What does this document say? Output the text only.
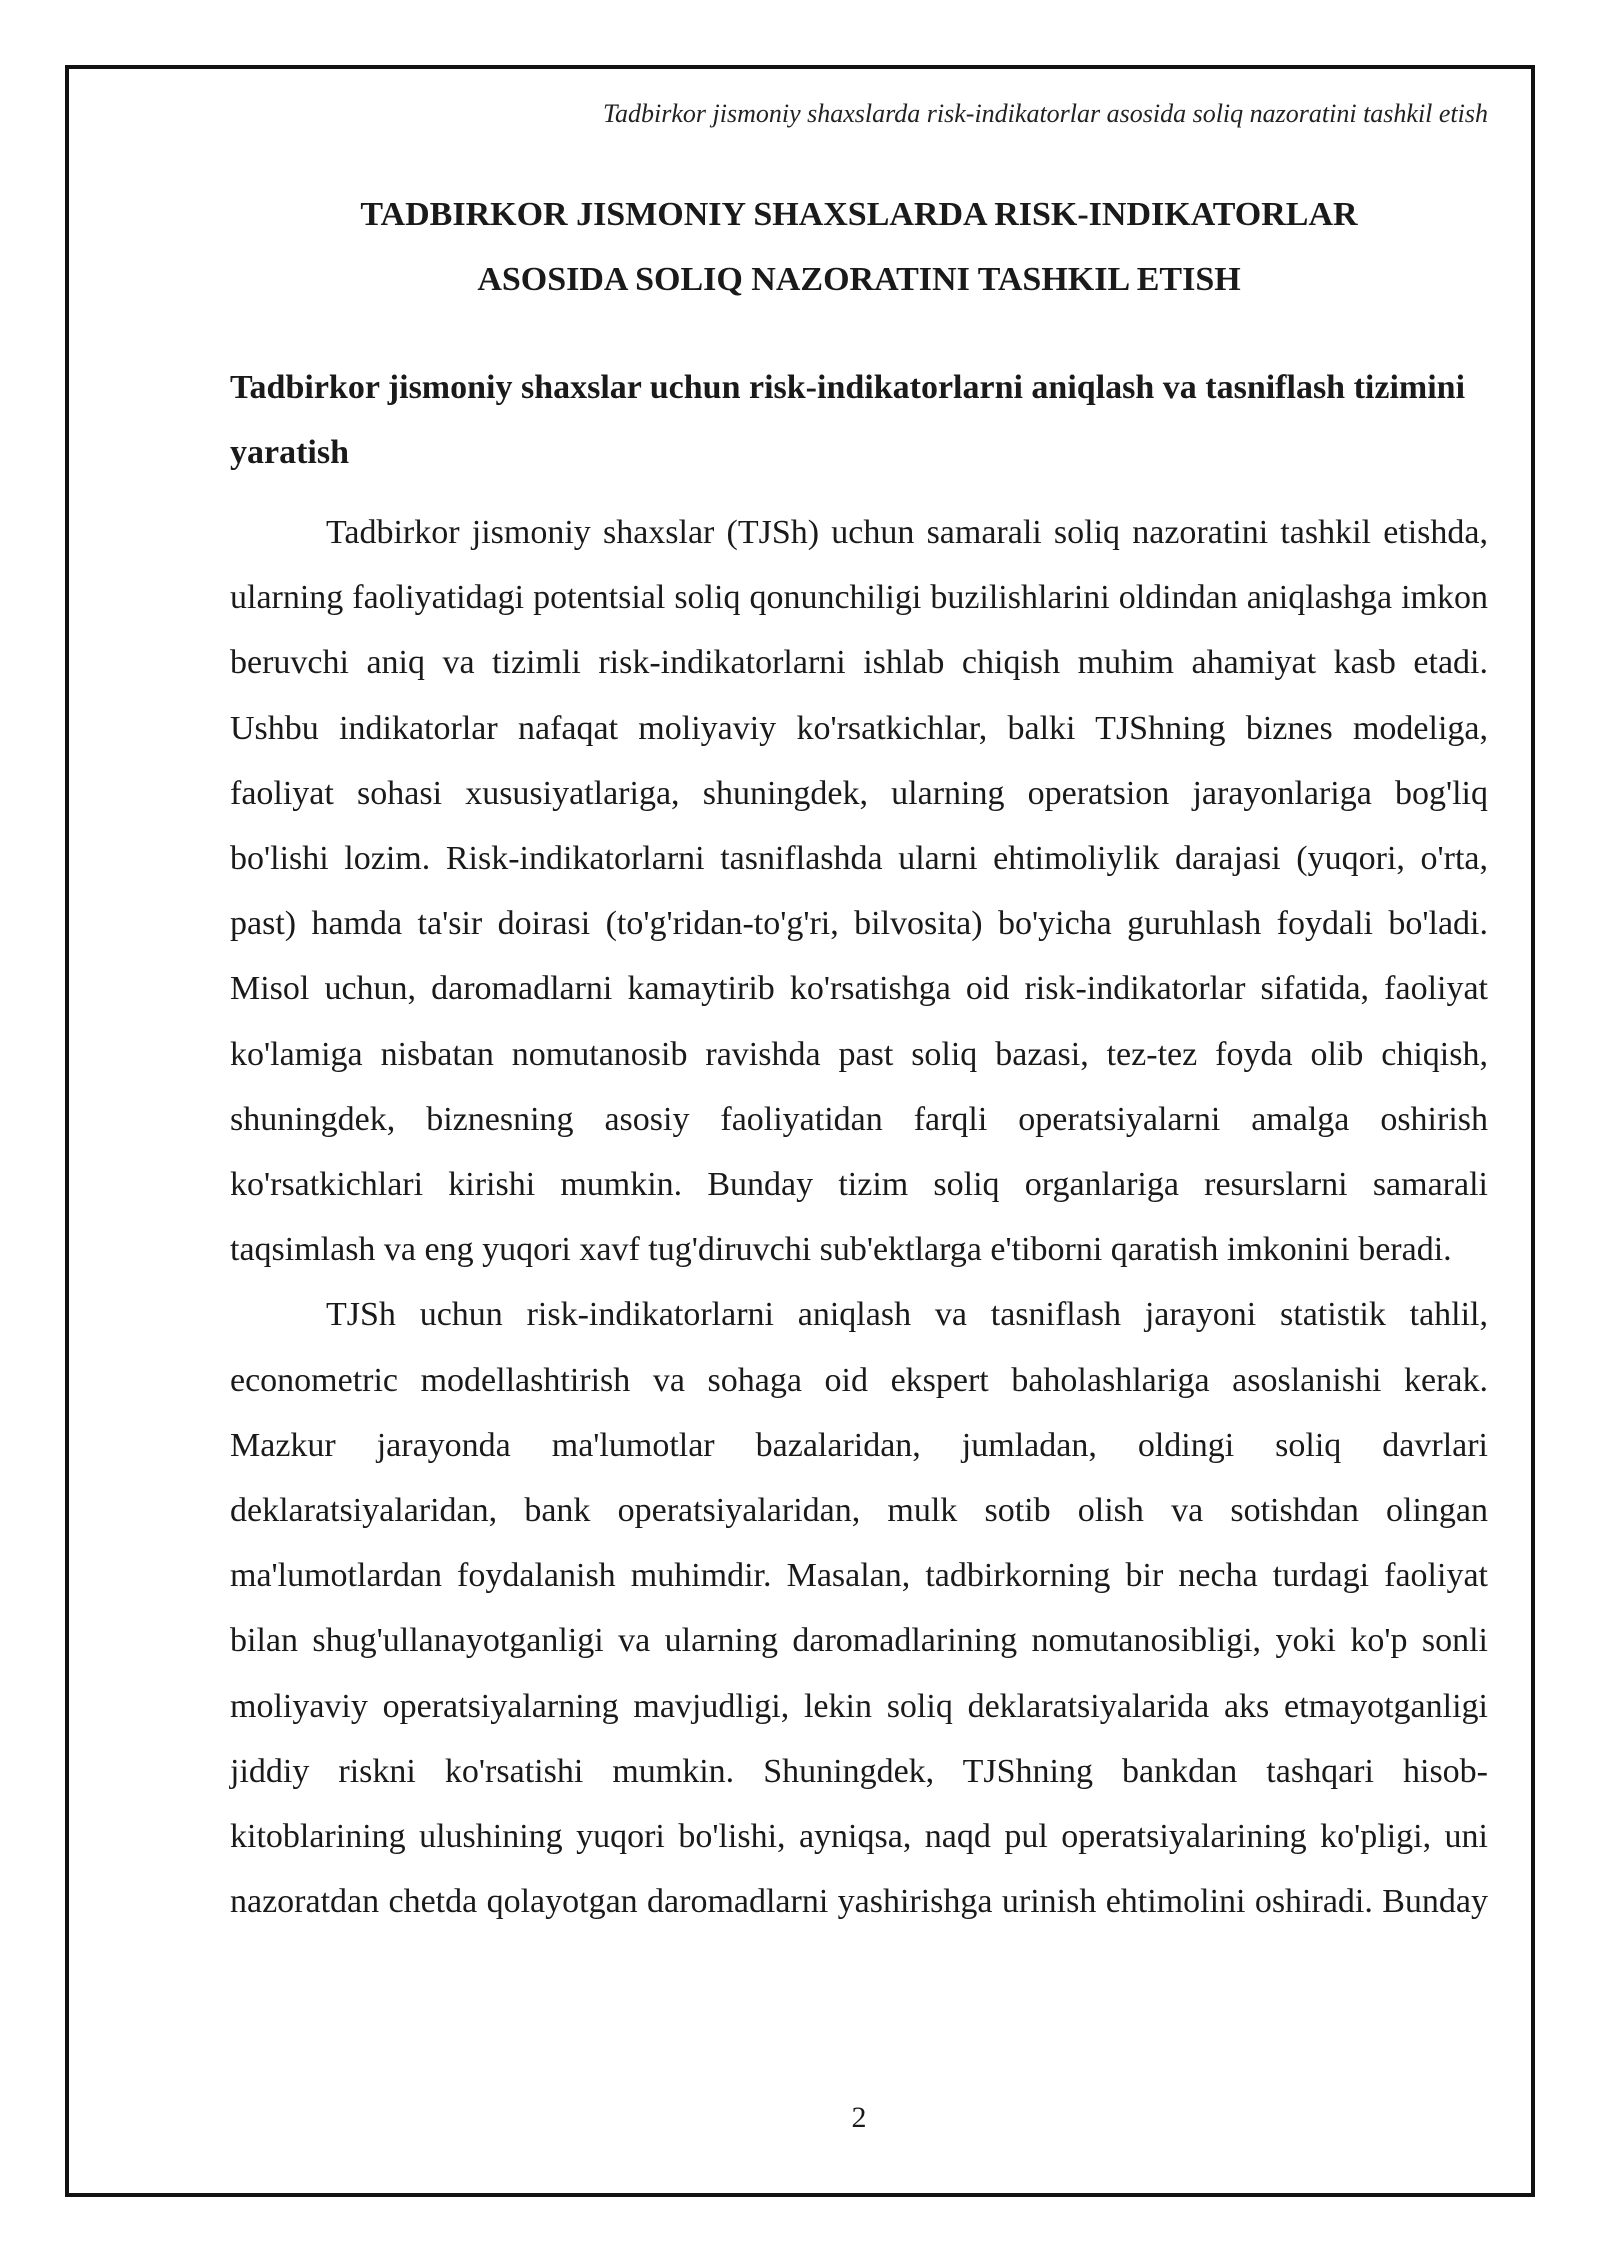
Tadbirkor jismoniy shaxslarda risk-indikatorlar asosida soliq nazoratini tashkil etish
TADBIRKOR JISMONIY SHAXSLARDA RISK-INDIKATORLAR
ASOSIDA SOLIQ NAZORATINI TASHKIL ETISH
Tadbirkor jismoniy shaxslar uchun risk-indikatorlarni aniqlash va tasniflash tizimini yaratish

Tadbirkor jismoniy shaxslar (TJSh) uchun samarali soliq nazoratini tashkil etishda, ularning faoliyatidagi potentsial soliq qonunchiligi buzilishlarini oldindan aniqlashga imkon beruvchi aniq va tizimli risk-indikatorlarni ishlab chiqish muhim ahamiyat kasb etadi. Ushbu indikatorlar nafaqat moliyaviy ko'rsatkichlar, balki TJShning biznes modeliga, faoliyat sohasi xususiyatlariga, shuningdek, ularning operatsion jarayonlariga bog'liq bo'lishi lozim. Risk-indikatorlarni tasniflashda ularni ehtimoliylik darajasi (yuqori, o'rta, past) hamda ta'sir doirasi (to'g'ridan-to'g'ri, bilvosita) bo'yicha guruhlash foydali bo'ladi. Misol uchun, daromadlarni kamaytirib ko'rsatishga oid risk-indikatorlar sifatida, faoliyat ko'lamiga nisbatan nomutanosib ravishda past soliq bazasi, tez-tez foyda olib chiqish, shuningdek, biznesning asosiy faoliyatidan farqli operatsiyalarni amalga oshirish ko'rsatkichlari kirishi mumkin. Bunday tizim soliq organlariga resurslarni samarali taqsimlash va eng yuqori xavf tug'diruvchi sub'ektlarga e'tiborni qaratish imkonini beradi.

TJSh uchun risk-indikatorlarni aniqlash va tasniflash jarayoni statistik tahlil, econometric modellashtirish va sohaga oid ekspert baholashlariga asoslanishi kerak. Mazkur jarayonda ma'lumotlar bazalaridan, jumladan, oldingi soliq davrlari deklaratsiyalaridan, bank operatsiyalaridan, mulk sotib olish va sotishdan olingan ma'lumotlardan foydalanish muhimdir. Masalan, tadbirkorning bir necha turdagi faoliyat bilan shug'ullanayotganligi va ularning daromadlarining nomutanosibligi, yoki ko'p sonli moliyaviy operatsiyalarning mavjudligi, lekin soliq deklaratsiyalarida aks etmayotganligi jiddiy riskni ko'rsatishi mumkin. Shuningdek, TJShning bankdan tashqari hisob-kitoblarining ulushining yuqori bo'lishi, ayniqsa, naqd pul operatsiyalarining ko'pligi, uni nazoratdan chetda qolayotgan daromadlarni yashirishga urinish ehtimolini oshiradi. Bunday

2
